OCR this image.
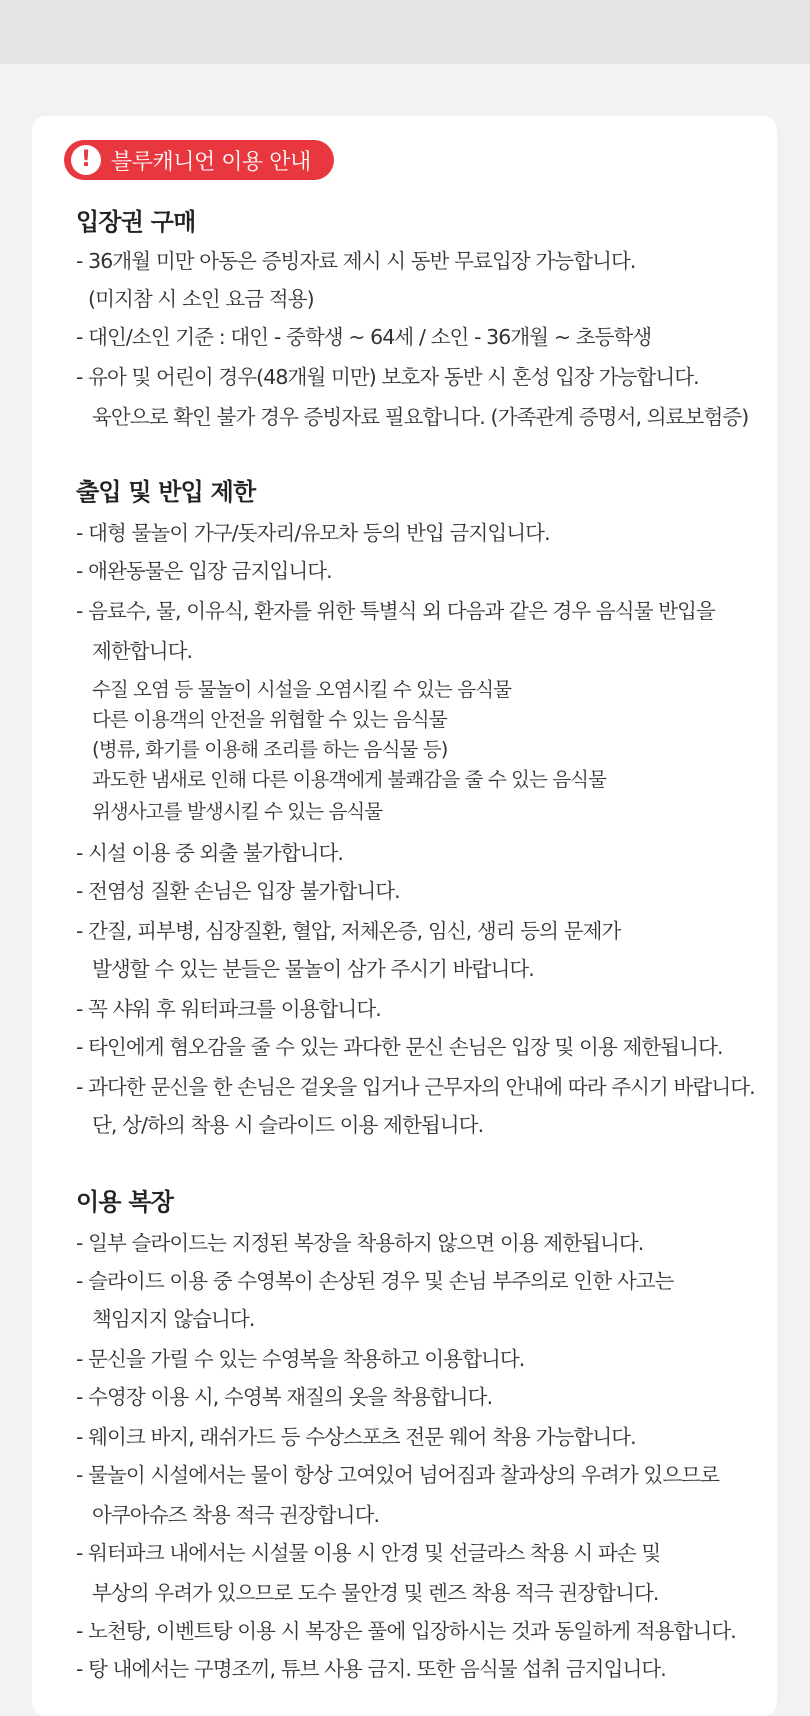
! 블루캐니언 이용 안내
입장권 구매
- 36개월 미만 아동은 증빙자료 제시 시 동반 무료입장 가능합니다.
(미지참 시 소인 요금 적용)
- 대인/소인 기준 : 대인 - 중학생 ~ 64세 / 소인 - 36개월 ~ 초등학생
- 유아 및 어린이 경우(48개월 미만) 보호자 동반 시 혼성 입장 가능합니다.
육안으로 확인 불가 경우 증빙자료 필요합니다. (가족관계 증명서, 의료보험증)
출입 및 반입 제한
- 대형 물놀이 가구/돗자리/유모차 등의 반입 금지입니다.
- 애완동물은 입장 금지입니다.
- 음료수, 물, 이유식, 환자를 위한 특별식 외 다음과 같은 경우 음식물 반입을
제한합니다.
수질 오염 등 물놀이 시설을 오염시킬 수 있는 음식물
다른 이용객의 안전을 위협할 수 있는 음식물
(병류, 화기를 이용해 조리를 하는 음식물 등)
과도한 냄새로 인해 다른 이용객에게 불쾌감을 줄 수 있는 음식물
위생사고를 발생시킬 수 있는 음식물
- 시설 이용 중 외출 불가합니다.
- 전염성 질환 손님은 입장 불가합니다.
- 간질, 피부병, 심장질환, 혈압, 저체온증, 임신, 생리 등의 문제가
발생할 수 있는 분들은 물놀이 삼가 주시기 바랍니다.
- 꼭 샤워 후 워터파크를 이용합니다.
- 타인에게 혐오감을 줄 수 있는 과다한 문신 손님은 입장 및 이용 제한됩니다.
- 과다한 문신을 한 손님은 겉옷을 입거나 근무자의 안내에 따라 주시기 바랍니다.
단, 상/하의 착용 시 슬라이드 이용 제한됩니다.
이용 복장
- 일부 슬라이드는 지정된 복장을 착용하지 않으면 이용 제한됩니다.
- 슬라이드 이용 중 수영복이 손상된 경우 및 손님 부주의로 인한 사고는
책임지지 않습니다.
- 문신을 가릴 수 있는 수영복을 착용하고 이용합니다.
- 수영장 이용 시, 수영복 재질의 옷을 착용합니다.
- 웨이크 바지, 래쉬가드 등 수상스포츠 전문 웨어 착용 가능합니다.
- 물놀이 시설에서는 물이 항상 고여있어 넘어짐과 찰과상의 우려가 있으므로
아쿠아슈즈 착용 적극 권장합니다.
- 워터파크 내에서는 시설물 이용 시 안경 및 선글라스 착용 시 파손 및
부상의 우려가 있으므로 도수 물안경 및 렌즈 착용 적극 권장합니다.
- 노천탕, 이벤트탕 이용 시 복장은 풀에 입장하시는 것과 동일하게 적용합니다.
- 탕 내에서는 구명조끼, 튜브 사용 금지. 또한 음식물 섭취 금지입니다.
